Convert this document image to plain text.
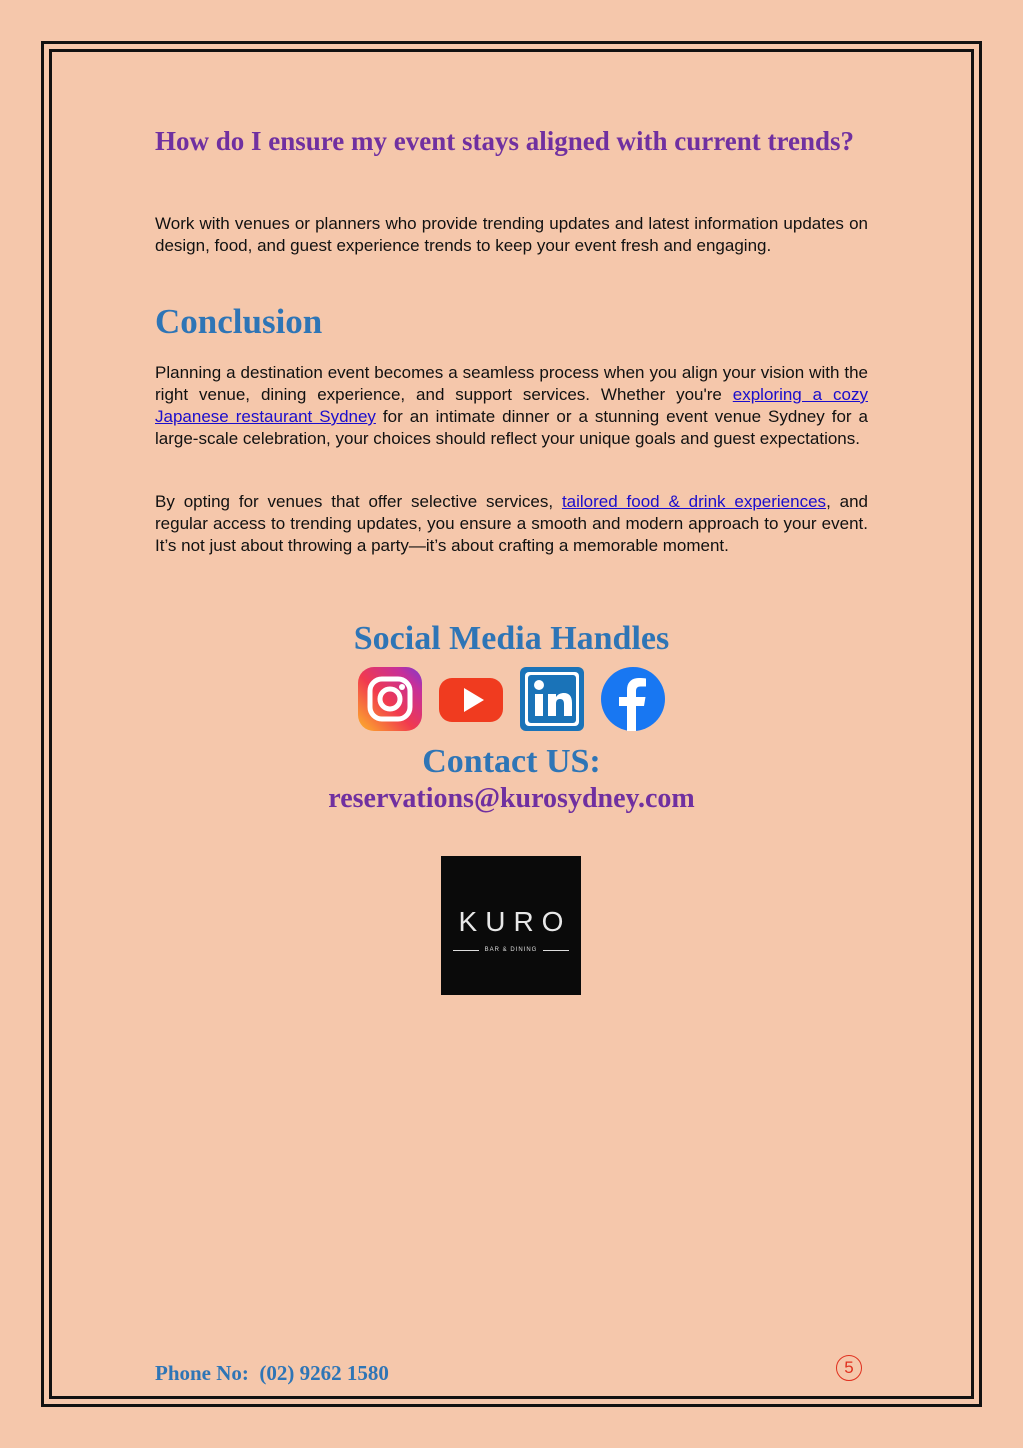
How do I ensure my event stays aligned with current trends?

Work with venues or planners who provide trending updates and latest information updates on design, food, and guest experience trends to keep your event fresh and engaging.

Conclusion

Planning a destination event becomes a seamless process when you align your vision with the right venue, dining experience, and support services. Whether you're exploring a cozy Japanese restaurant Sydney for an intimate dinner or a stunning event venue Sydney for a large-scale celebration, your choices should reflect your unique goals and guest expectations.

By opting for venues that offer selective services, tailored food & drink experiences, and regular access to trending updates, you ensure a smooth and modern approach to your event. It’s not just about throwing a party—it’s about crafting a memorable moment.

Social Media Handles
Contact US:
reservations@kurosydney.com
KURO
BAR & DINING
Phone No:  (02) 9262 1580	5
